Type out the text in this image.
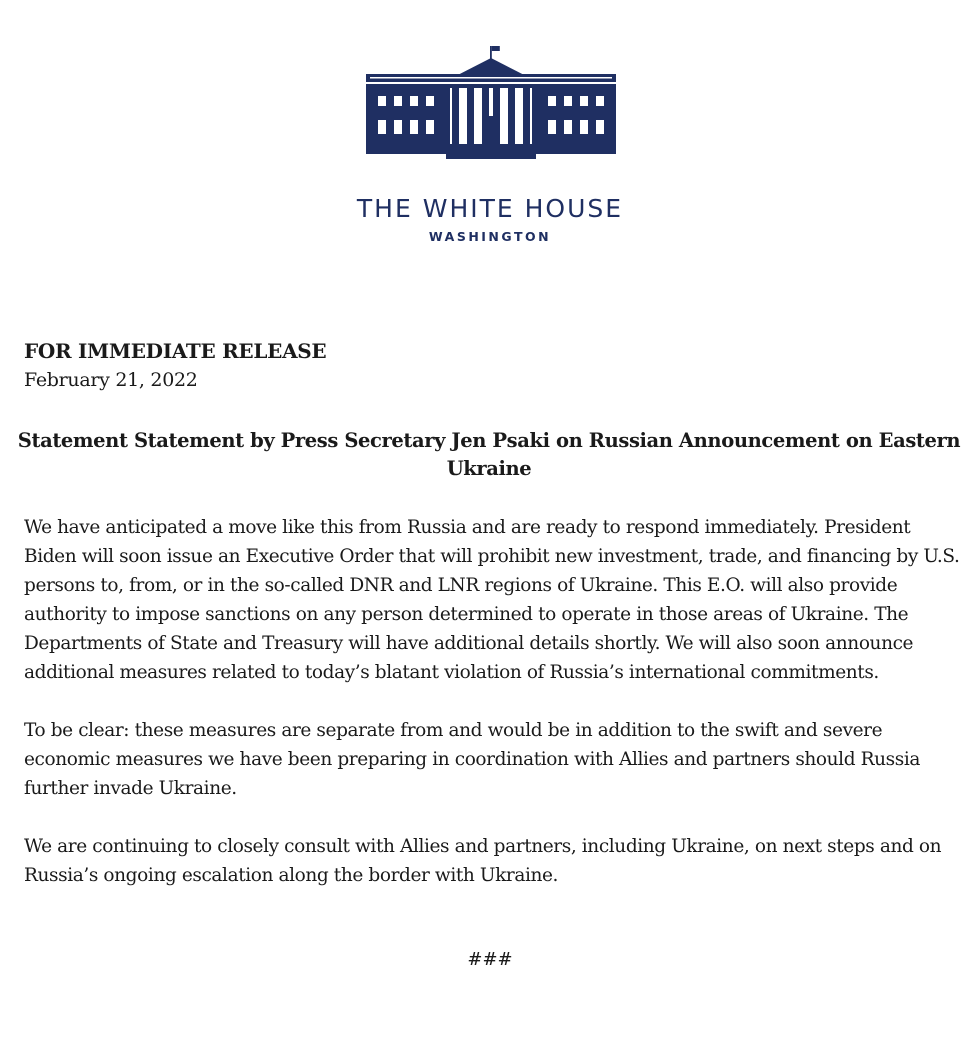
THE WHITE HOUSE
WASHINGTON

FOR IMMEDIATE RELEASE

February 21, 2022

Statement Statement by Press Secretary Jen Psaki on Russian Announcement on Eastern Ukraine

We have anticipated a move like this from Russia and are ready to respond immediately. President Biden will soon issue an Executive Order that will prohibit new investment, trade, and financing by U.S. persons to, from, or in the so-called DNR and LNR regions of Ukraine. This E.O. will also provide authority to impose sanctions on any person determined to operate in those areas of Ukraine. The Departments of State and Treasury will have additional details shortly. We will also soon announce additional measures related to today’s blatant violation of Russia’s international commitments.

To be clear: these measures are separate from and would be in addition to the swift and severe economic measures we have been preparing in coordination with Allies and partners should Russia further invade Ukraine.

We are continuing to closely consult with Allies and partners, including Ukraine, on next steps and on Russia’s ongoing escalation along the border with Ukraine.

###
